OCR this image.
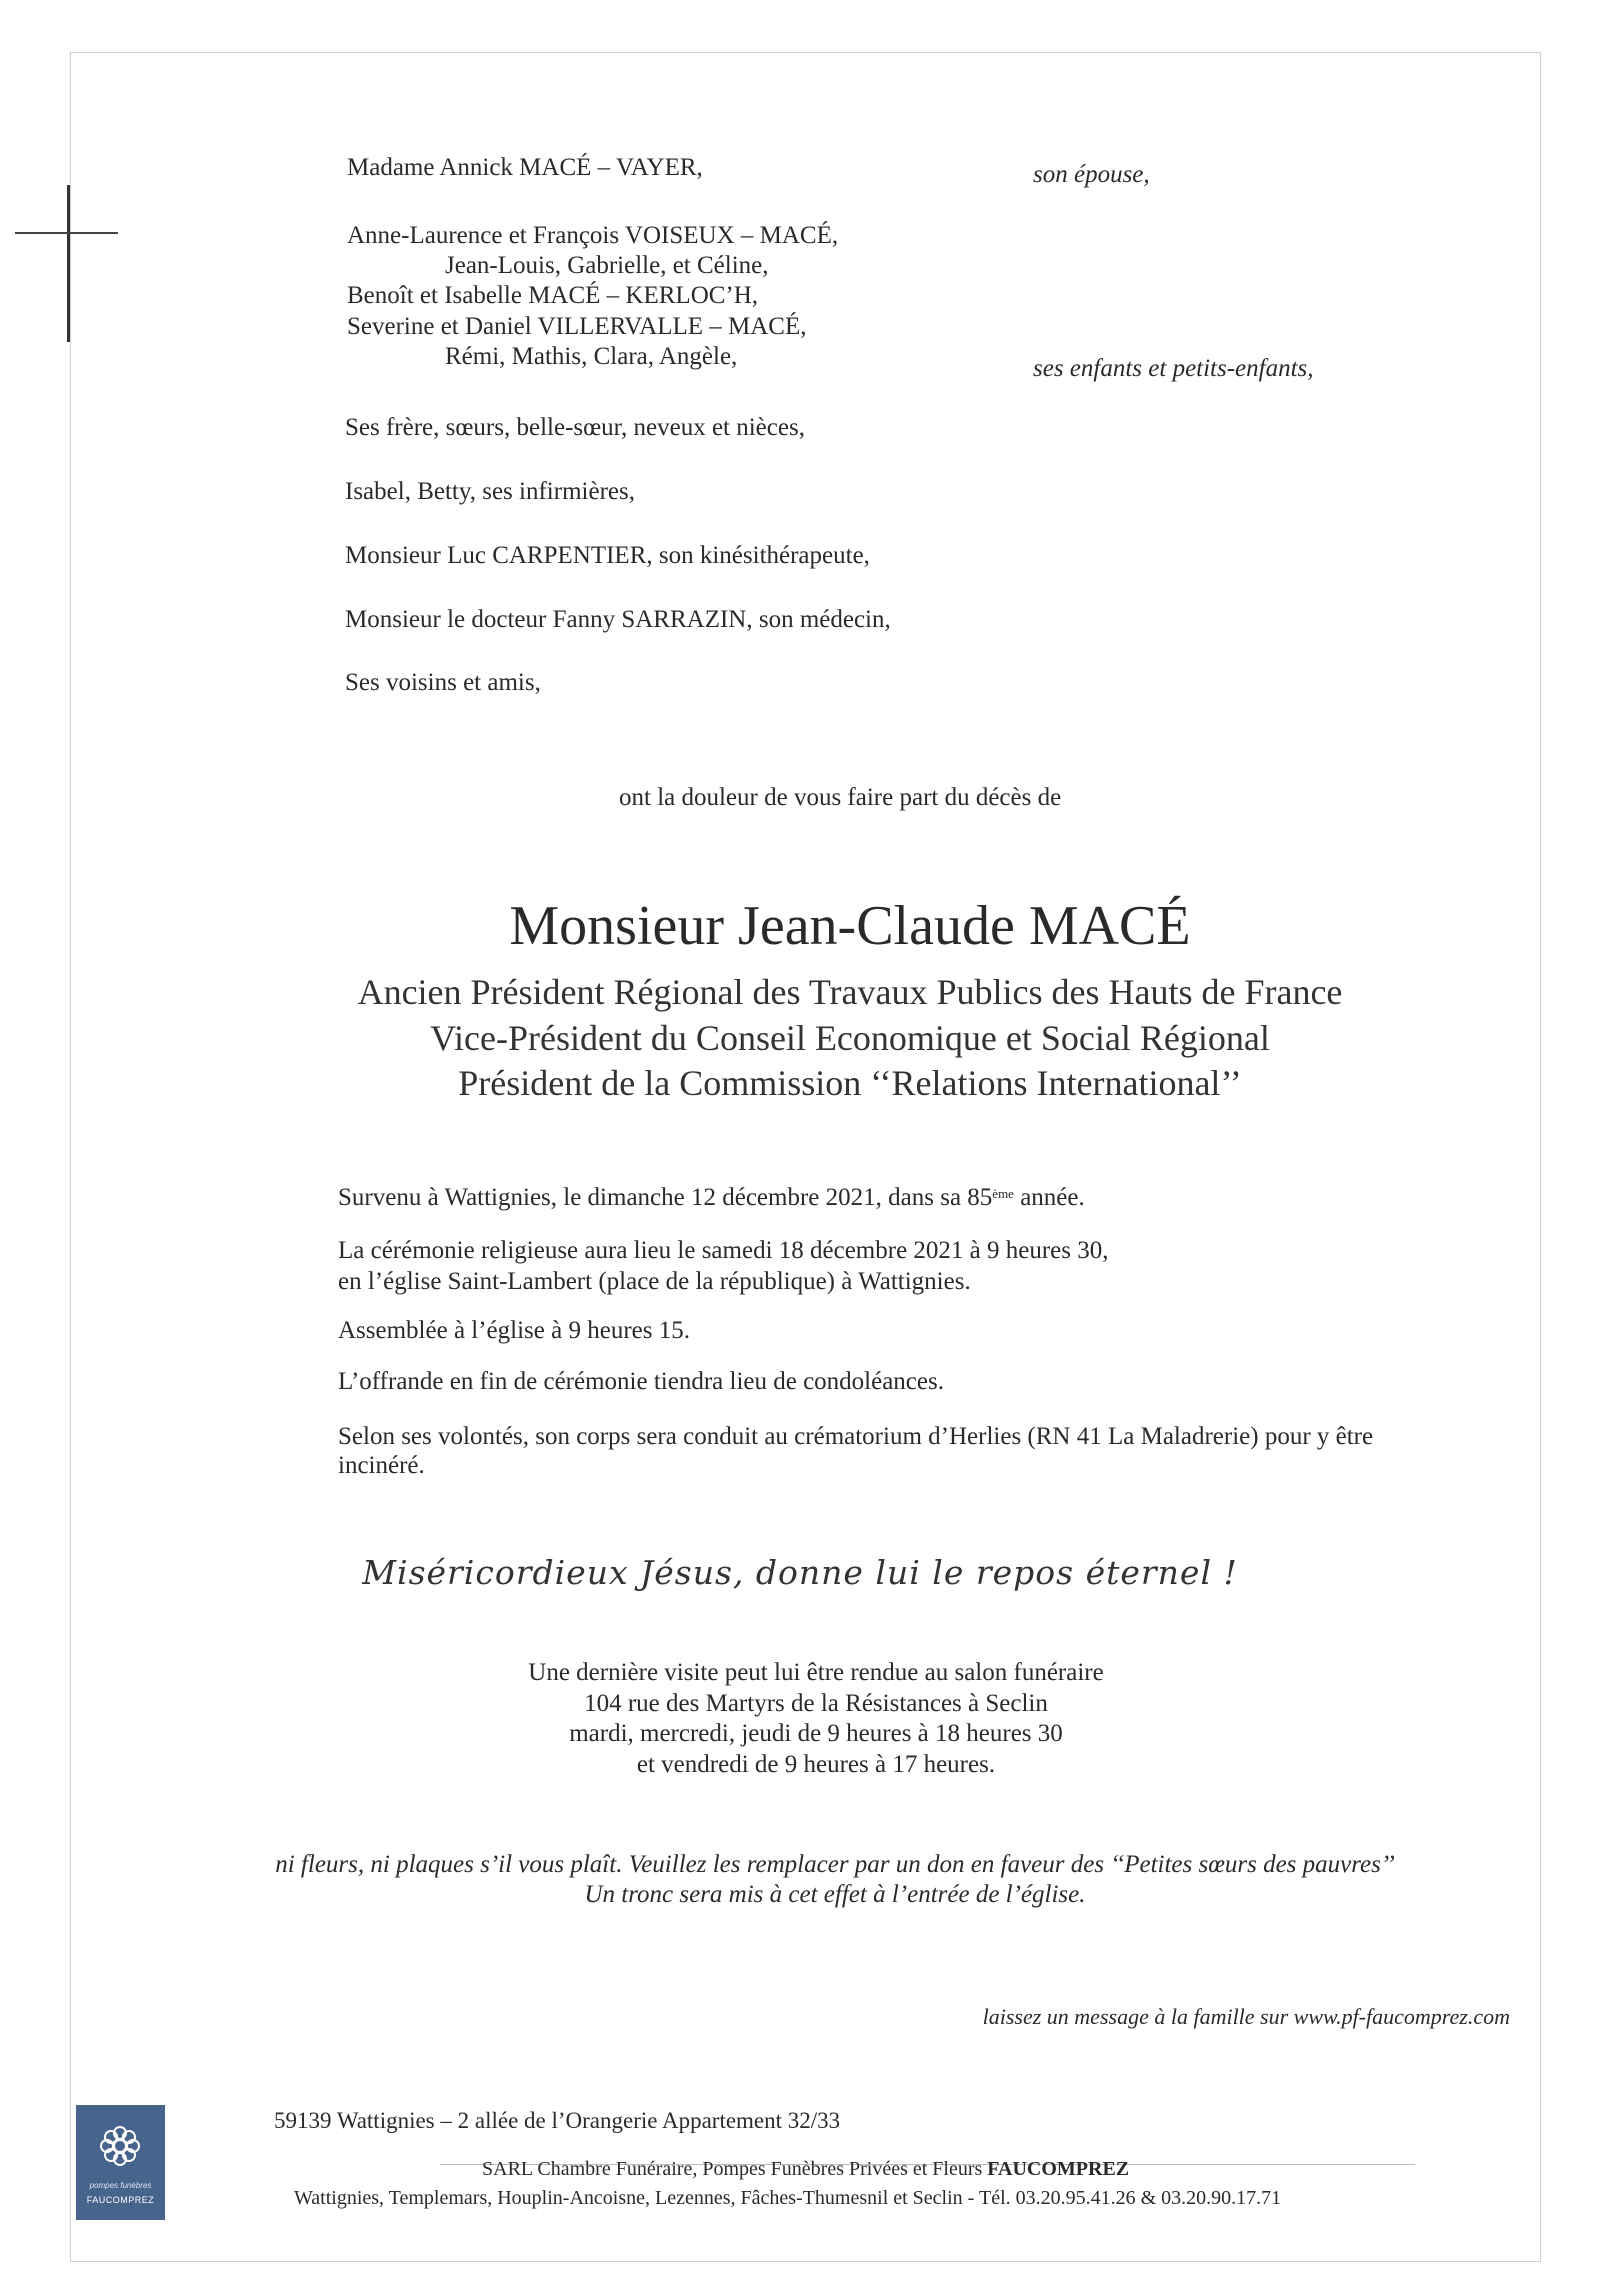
Madame Annick MACÉ – VAYER,	son épouse,
Anne-Laurence et François VOISEUX – MACÉ,
Jean-Louis, Gabrielle, et Céline,
Benoît et Isabelle MACÉ – KERLOC’H,
Severine et Daniel VILLERVALLE – MACÉ,
Rémi, Mathis, Clara, Angèle,	ses enfants et petits-enfants,
Ses frère, sœurs, belle-sœur, neveux et nièces,
Isabel, Betty, ses infirmières,
Monsieur Luc CARPENTIER, son kinésithérapeute,
Monsieur le docteur Fanny SARRAZIN, son médecin,
Ses voisins et amis,
ont la douleur de vous faire part du décès de
Monsieur Jean-Claude MACÉ
Ancien Président Régional des Travaux Publics des Hauts de France
Vice-Président du Conseil Economique et Social Régional
Président de la Commission ‘‘Relations International’’
Survenu à Wattignies, le dimanche 12 décembre 2021, dans sa 85ème année.
La cérémonie religieuse aura lieu le samedi 18 décembre 2021 à 9 heures 30,
en l’église Saint-Lambert (place de la république) à Wattignies.
Assemblée à l’église à 9 heures 15.
L’offrande en fin de cérémonie tiendra lieu de condoléances.
Selon ses volontés, son corps sera conduit au crématorium d’Herlies (RN 41 La Maladrerie) pour y être
incinéré.
Miséricordieux Jésus, donne lui le repos éternel !
Une dernière visite peut lui être rendue au salon funéraire
104 rue des Martyrs de la Résistances à Seclin
mardi, mercredi, jeudi de 9 heures à 18 heures 30
et vendredi de 9 heures à 17 heures.
ni fleurs, ni plaques s’il vous plaît. Veuillez les remplacer par un don en faveur des ‘‘Petites sœurs des pauvres’’
Un tronc sera mis à cet effet à l’entrée de l’église.
laissez un message à la famille sur www.pf-faucomprez.com
pompes funèbres
FAUCOMPREZ
59139 Wattignies – 2 allée de l’Orangerie Appartement 32/33
SARL Chambre Funéraire, Pompes Funèbres Privées et Fleurs FAUCOMPREZ
Wattignies, Templemars, Houplin-Ancoisne, Lezennes, Fâches-Thumesnil et Seclin - Tél. 03.20.95.41.26 & 03.20.90.17.71
